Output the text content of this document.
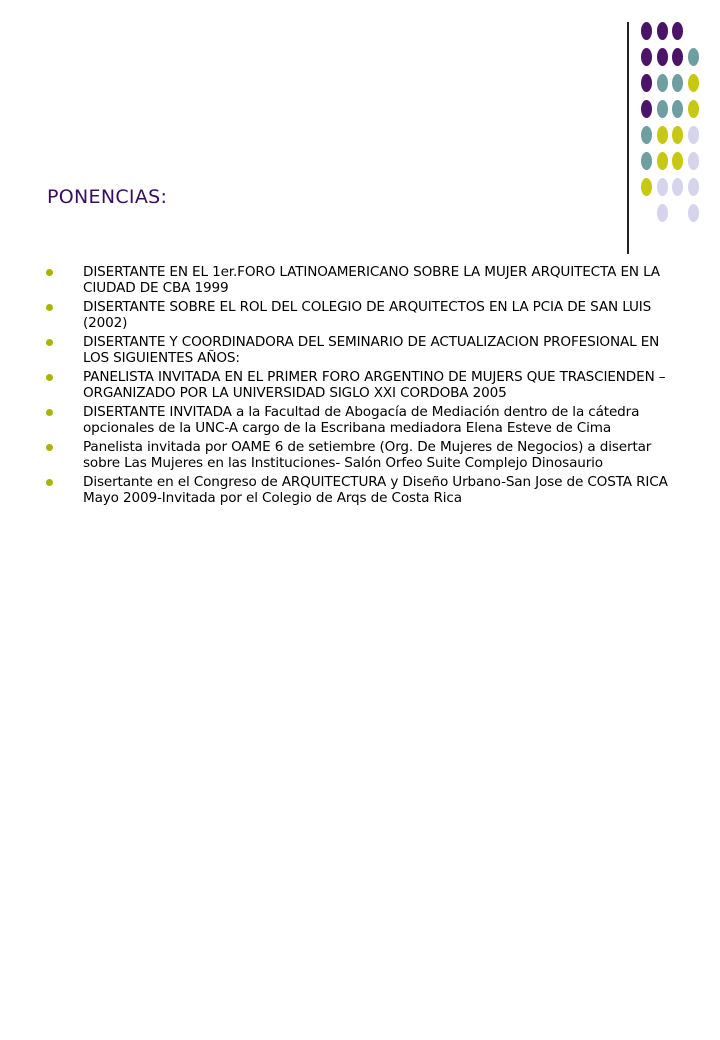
PONENCIAS:
DISERTANTE EN EL 1er.FORO LATINOAMERICANO SOBRE LA MUJER ARQUITECTA EN LA CIUDAD DE CBA 1999
DISERTANTE SOBRE EL ROL DEL COLEGIO DE ARQUITECTOS EN LA PCIA DE SAN LUIS (2002)
DISERTANTE Y COORDINADORA DEL SEMINARIO DE ACTUALIZACION PROFESIONAL EN LOS SIGUIENTES AÑOS:
PANELISTA INVITADA EN EL PRIMER FORO ARGENTINO DE MUJERS QUE TRASCIENDEN –ORGANIZADO POR LA UNIVERSIDAD SIGLO XXI CORDOBA 2005
DISERTANTE INVITADA a la Facultad de Abogacía de Mediación dentro de la cátedra opcionales de la UNC-A cargo de la Escribana mediadora Elena Esteve de Cima
Panelista invitada por OAME 6 de setiembre (Org. De Mujeres de Negocios) a disertar sobre Las Mujeres en las Instituciones- Salón Orfeo Suite Complejo Dinosaurio
Disertante en el Congreso de ARQUITECTURA y Diseño Urbano-San Jose de COSTA RICA Mayo 2009-Invitada por el Colegio de Arqs de Costa Rica
